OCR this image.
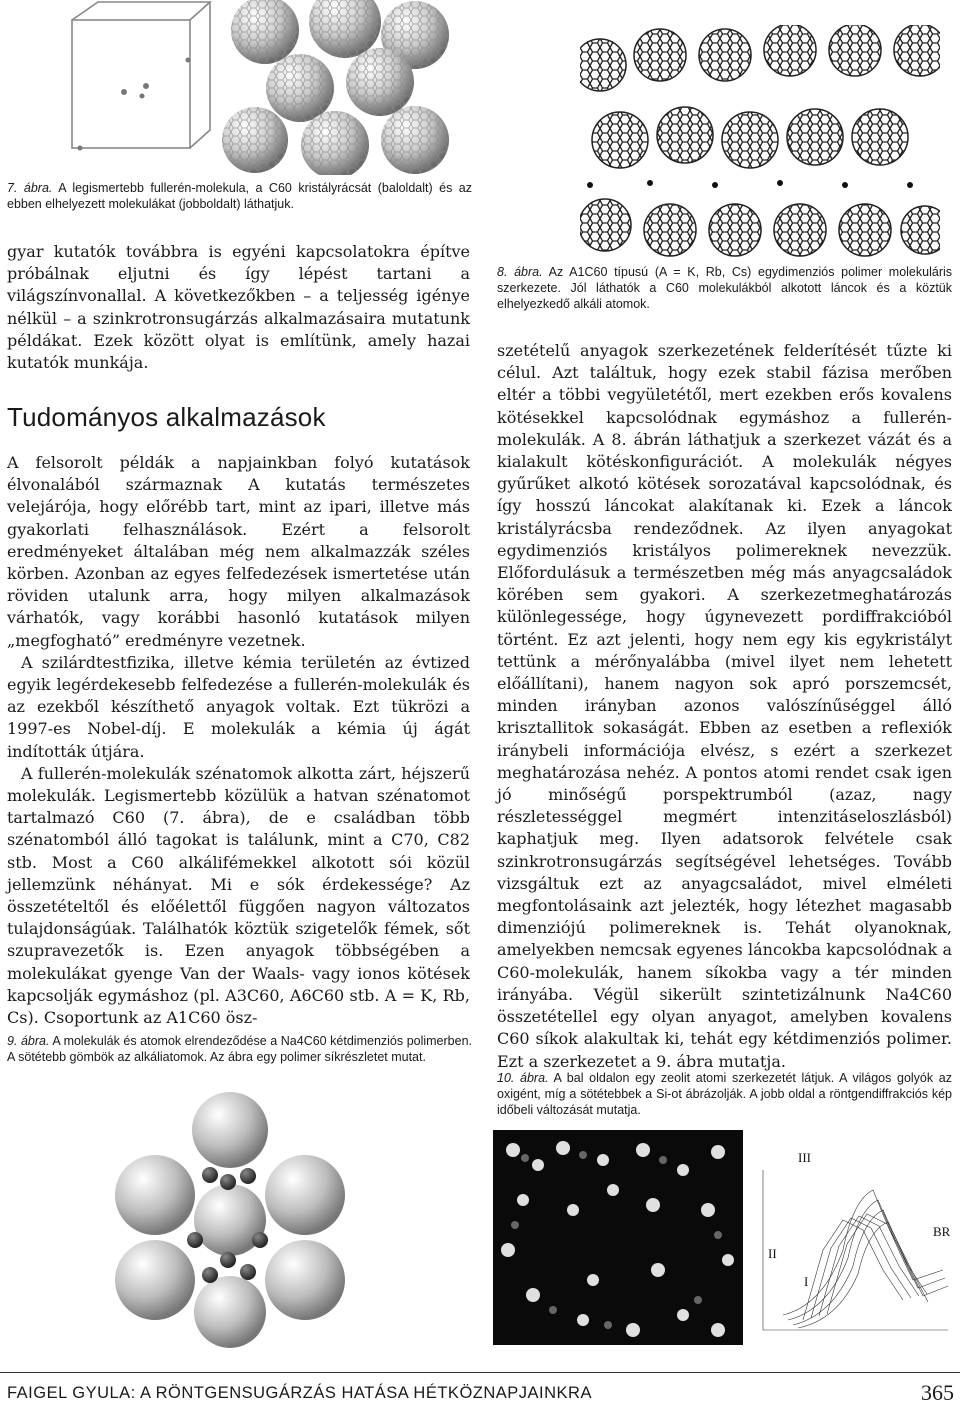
7. ábra. A legismertebb fullerén-molekula, a C60 kristályrácsát (baloldalt) és az ebben elhelyezett molekulákat (jobboldalt) láthatjuk.
8. ábra. Az A1C60 típusú (A = K, Rb, Cs) egydimenziós polimer molekuláris szerkezete. Jól láthatók a C60 molekulákból alkotott láncok és a köztük elhelyezkedő alkáli atomok.

gyar kutatók továbbra is egyéni kapcsolatokra építve próbálnak eljutni és így lépést tartani a világszínvonallal. A következőkben – a teljesség igénye nélkül – a szinkrotronsugárzás alkalmazásaira mutatunk példákat. Ezek között olyat is említünk, amely hazai kutatók munkája.

Tudományos alkalmazások

A felsorolt példák a napjainkban folyó kutatások élvonalából származnak A kutatás természetes velejárója, hogy előrébb tart, mint az ipari, illetve más gyakorlati felhasználások. Ezért a felsorolt eredményeket általában még nem alkalmazzák széles körben. Azonban az egyes felfedezések ismertetése után röviden utalunk arra, hogy milyen alkalmazások várhatók, vagy korábbi hasonló kutatások milyen „megfogható” eredményre vezetnek.

A szilárdtestfizika, illetve kémia területén az évtized egyik legérdekesebb felfedezése a fullerén-molekulák és az ezekből készíthető anyagok voltak. Ezt tükrözi a 1997-es Nobel-díj. E molekulák a kémia új ágát indították útjára.

A fullerén-molekulák szénatomok alkotta zárt, héjszerű molekulák. Legismertebb közülük a hatvan szénatomot tartalmazó C60 (7. ábra), de e családban több szénatomból álló tagokat is találunk, mint a C70, C82 stb. Most a C60 alkálifémekkel alkotott sói közül jellemzünk néhányat. Mi e sók érdekessége? Az összetételtől és előélettől függően nagyon változatos tulajdonságúak. Találhatók köztük szigetelők fémek, sőt szupravezetők is. Ezen anyagok többségében a molekulákat gyenge Van der Waals- vagy ionos kötések kapcsolják egymáshoz (pl. A3C60, A6C60 stb. A = K, Rb, Cs). Csoportunk az A1C60 ösz-

szetételű anyagok szerkezetének felderítését tűzte ki célul. Azt találtuk, hogy ezek stabil fázisa merőben eltér a többi vegyületétől, mert ezekben erős kovalens kötésekkel kapcsolódnak egymáshoz a fullerén-molekulák. A 8. ábrán láthatjuk a szerkezet vázát és a kialakult kötéskonfigurációt. A molekulák négyes gyűrűket alkotó kötések sorozatával kapcsolódnak, és így hosszú láncokat alakítanak ki. Ezek a láncok kristályrácsba rendeződnek. Az ilyen anyagokat egydimenziós kristályos polimereknek nevezzük. Előfordulásuk a természetben még más anyagcsaládok körében sem gyakori. A szerkezetmeghatározás különlegessége, hogy úgynevezett pordiffrakcióból történt. Ez azt jelenti, hogy nem egy kis egykristályt tettünk a mérőnyalábba (mivel ilyet nem lehetett előállítani), hanem nagyon sok apró porszemcsét, minden irányban azonos valószínűséggel álló krisztallitok sokaságát. Ebben az esetben a reflexiók iránybeli információja elvész, s ezért a szerkezet meghatározása nehéz. A pontos atomi rendet csak igen jó minőségű porspektrumból (azaz, nagy részletességgel megmért intenzitáseloszlásból) kaphatjuk meg. Ilyen adatsorok felvétele csak szinkrotronsugárzás segítségével lehetséges. Tovább vizsgáltuk ezt az anyagcsaládot, mivel elméleti megfontolásaink azt jelezték, hogy létezhet magasabb dimenziójú polimereknek is. Tehát olyanoknak, amelyekben nemcsak egyenes láncokba kapcsolódnak a C60-molekulák, hanem síkokba vagy a tér minden irányába. Végül sikerült szintetizálnunk Na4C60 összetétellel egy olyan anyagot, amelyben kovalens C60 síkok alakultak ki, tehát egy kétdimenziós polimer. Ezt a szerkezetet a 9. ábra mutatja.

9. ábra. A molekulák és atomok elrendeződése a Na4C60 kétdimenziós polimerben. A sötétebb gömbök az alkáliatomok. Az ábra egy polimer síkrészletet mutat.
10. ábra. A bal oldalon egy zeolit atomi szerkezetét látjuk. A világos golyók az oxigént, míg a sötétebbek a Si-ot ábrázolják. A jobb oldal a röntgendiffrakciós kép időbeli változását mutatja.
III
BR
II
I
FAIGEL GYULA: A RÖNTGENSUGÁRZÁS HATÁSA HÉTKÖZNAPJAINKRA	365
